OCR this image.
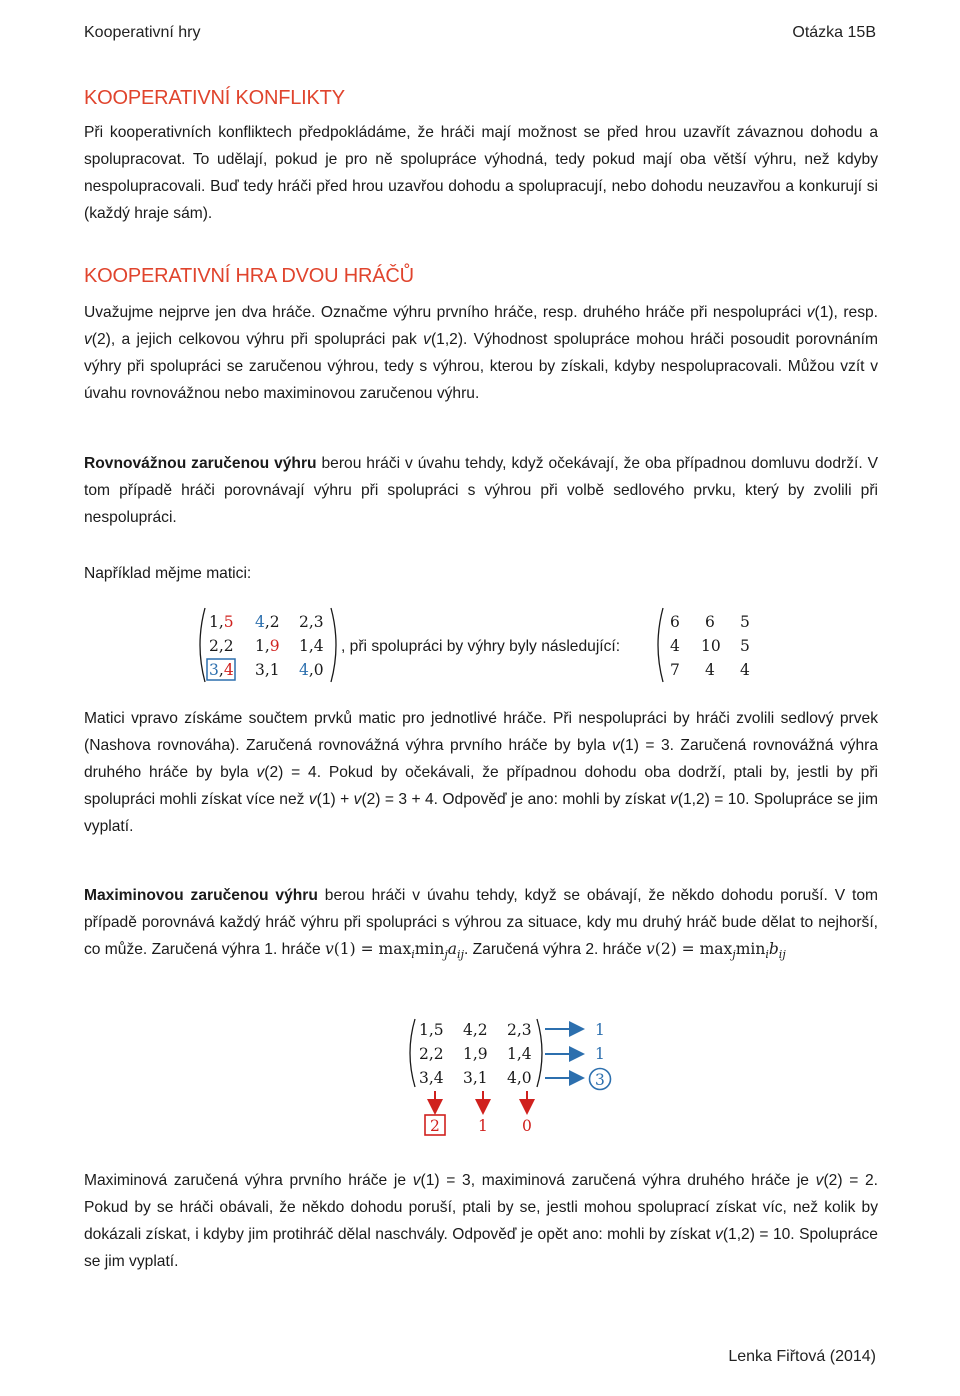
Kooperativní hry	Otázka 15B
KOOPERATIVNÍ KONFLIKTY

Při kooperativních konfliktech předpokládáme, že hráči mají možnost se před hrou uzavřít závaznou dohodu a spolupracovat. To udělají, pokud je pro ně spolupráce výhodná, tedy pokud mají oba větší výhru, než kdyby nespolupracovali. Buď tedy hráči před hrou uzavřou dohodu a spolupracují, nebo dohodu neuzavřou a konkurují si (každý hraje sám).

KOOPERATIVNÍ HRA DVOU HRÁČŮ

Uvažujme nejprve jen dva hráče. Označme výhru prvního hráče, resp. druhého hráče při nespolupráci v(1), resp. v(2), a jejich celkovou výhru při spolupráci pak v(1,2). Výhodnost spolupráce mohou hráči posoudit porovnáním výhry při spolupráci se zaručenou výhrou, tedy s výhrou, kterou by získali, kdyby nespolupracovali. Můžou vzít v úvahu rovnovážnou nebo maximinovou zaručenou výhru.

Rovnovážnou zaručenou výhru berou hráči v úvahu tehdy, když očekávají, že oba případnou domluvu dodrží. V tom případě hráči porovnávají výhru při spolupráci s výhrou při volbě sedlového prvku, který by zvolili při nespolupráci.

Například mějme matici:

1,5 4,2 2,3
2,2 1,9 1,4
3,4 3,1 4,0
, při spolupráci by výhry byly následující:
6 6 5
4 10 5
7 4 4

Matici vpravo získáme součtem prvků matic pro jednotlivé hráče. Při nespolupráci by hráči zvolili sedlový prvek (Nashova rovnováha). Zaručená rovnovážná výhra prvního hráče by byla v(1) = 3. Zaručená rovnovážná výhra druhého hráče by byla v(2) = 4. Pokud by očekávali, že případnou dohodu oba dodrží, ptali by, jestli by při spolupráci mohli získat více než v(1) + v(2) = 3 + 4. Odpověď je ano: mohli by získat v(1,2) = 10. Spolupráce se jim vyplatí.

Maximinovou zaručenou výhru berou hráči v úvahu tehdy, když se obávají, že někdo dohodu poruší. V tom případě porovnává každý hráč výhru při spolupráci s výhrou za situace, kdy mu druhý hráč bude dělat to nejhorší, co může. Zaručená výhra 1. hráče $v(1) = \max_i\min_ja_{ij}$. Zaručená výhra 2. hráče $v(2) = \max_j\min_ib_{ij}$

1,5 4,2 2,3
2,2 1,9 1,4
3,4 3,1 4,0
1
1
3
2 1 0

Maximinová zaručená výhra prvního hráče je v(1) = 3, maximinová zaručená výhra druhého hráče je v(2) = 2. Pokud by se hráči obávali, že někdo dohodu poruší, ptali by se, jestli mohou spoluprací získat víc, než kolik by dokázali získat, i kdyby jim protihráč dělal naschvály. Odpověď je opět ano: mohli by získat v(1,2) = 10. Spolupráce se jim vyplatí.

Lenka Fiřtová (2014)
